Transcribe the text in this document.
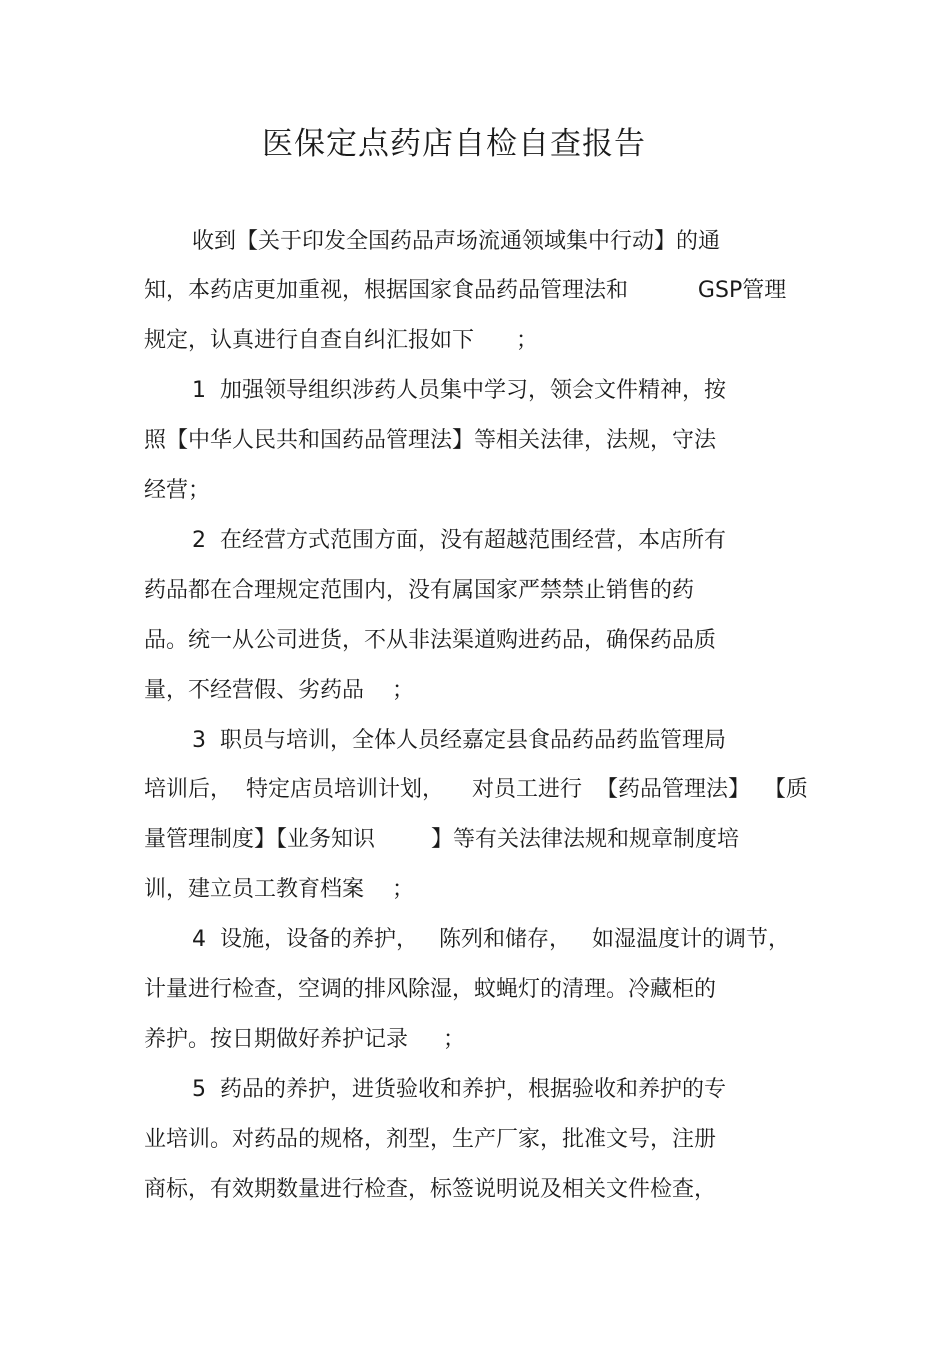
医保定点药店自检自查报告

收到【关于印发全国药品声场流通领域集中行动】的通

知，本药店更加重视，根据国家食品药品管理法和          GSP管理

规定，认真进行自查自纠汇报如下      ；

1  加强领导组织涉药人员集中学习，领会文件精神，按

照【中华人民共和国药品管理法】等相关法律，法规，守法

经营；

2  在经营方式范围方面，没有超越范围经营，本店所有

药品都在合理规定范围内，没有属国家严禁禁止销售的药

品。统一从公司进货，不从非法渠道购进药品，确保药品质

量，不经营假、劣药品    ；

3  职员与培训，全体人员经嘉定县食品药品药监管理局

培训后，  特定店员培训计划，    对员工进行  【药品管理法】  【质

量管理制度】【业务知识        】等有关法律法规和规章制度培

训，建立员工教育档案    ；

4  设施，设备的养护，   陈列和储存，   如湿温度计的调节，

计量进行检查，空调的排风除湿，蚊蝇灯的清理。冷藏柜的

养护。按日期做好养护记录     ；

5  药品的养护，进货验收和养护，根据验收和养护的专

业培训。对药品的规格，剂型，生产厂家，批准文号，注册

商标，有效期数量进行检查，标签说明说及相关文件检查，
